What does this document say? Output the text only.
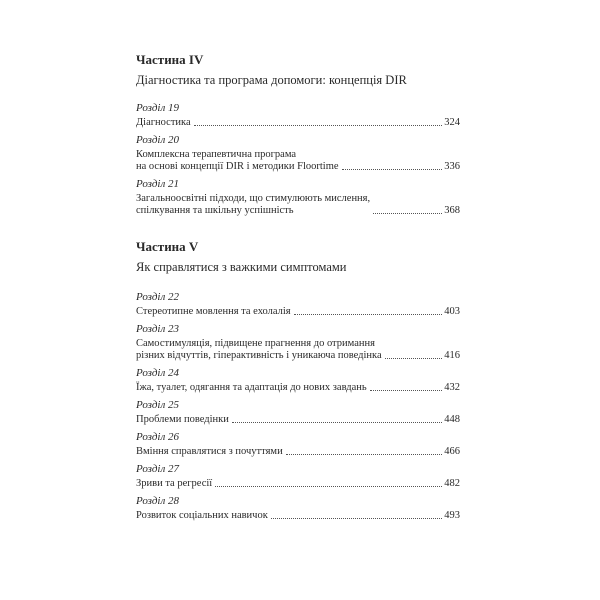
Частина IV

Діагностика та програма допомоги: концепція DIR

Розділ 19

Діагностика	324

Розділ 20

Комплексна терапевтична програма
на основі концепції DIR і методики Floortime	336

Розділ 21

Загальноосвітні підходи, що стимулюють мислення,
спілкування та шкільну успішність	368

Частина V

Як справлятися з важкими симптомами

Розділ 22

Стереотипне мовлення та ехолалія	403

Розділ 23

Самостимуляція, підвищене прагнення до отримання
різних відчуттів, гіперактивність і уникаюча поведінка	416

Розділ 24

Їжа, туалет, одягання та адаптація до нових завдань	432

Розділ 25

Проблеми поведінки	448

Розділ 26

Вміння справлятися з почуттями	466

Розділ 27

Зриви та регресії	482

Розділ 28

Розвиток соціальних навичок	493
